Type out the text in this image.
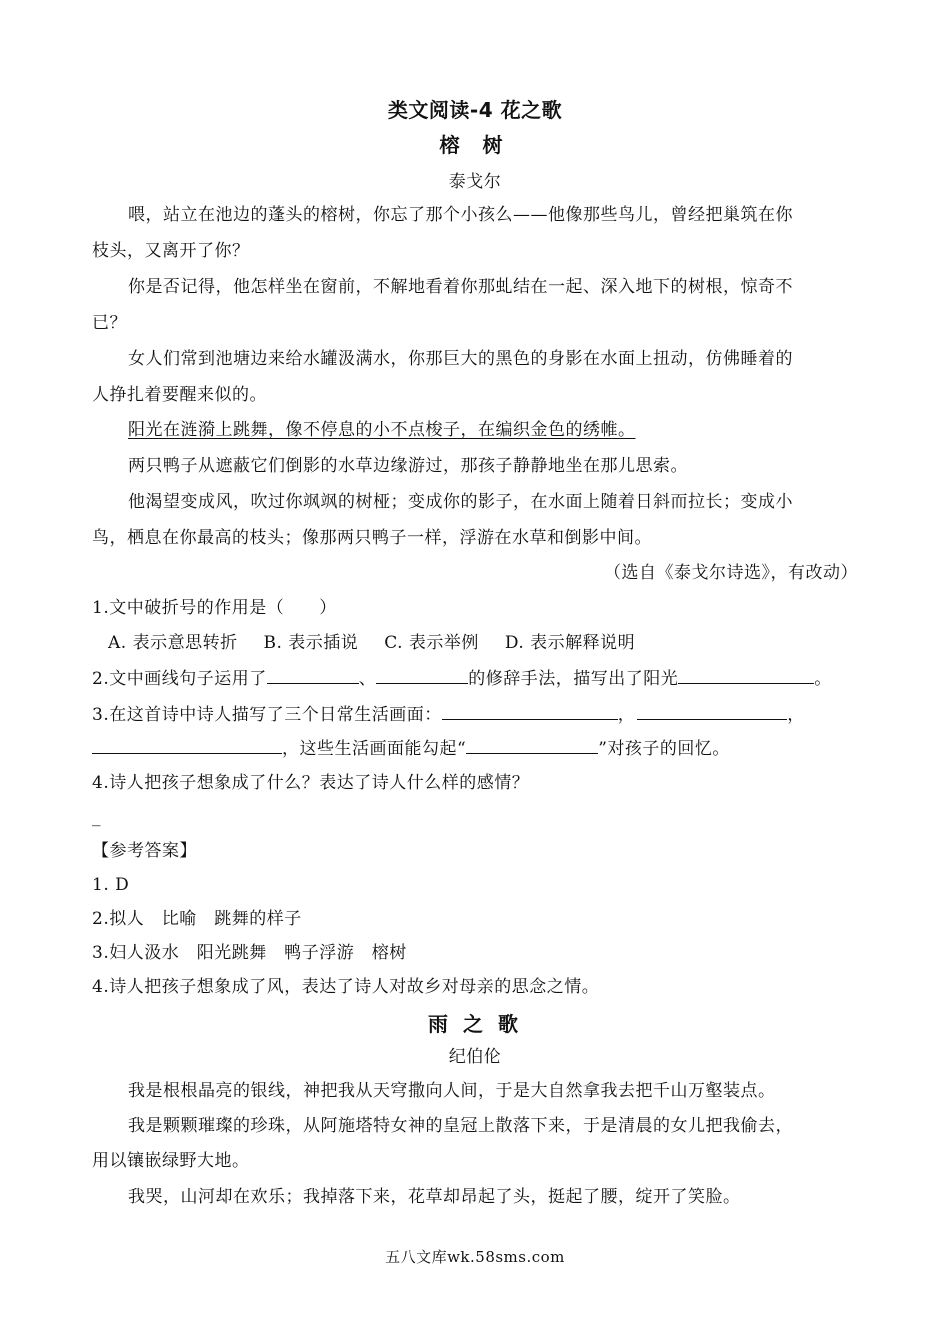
类文阅读-4 花之歌
榕 树
泰戈尔
喂，站立在池边的蓬头的榕树，你忘了那个小孩么——他像那些鸟儿，曾经把巢筑在你
枝头，又离开了你？
你是否记得，他怎样坐在窗前，不解地看着你那虬结在一起、深入地下的树根，惊奇不
已？
女人们常到池塘边来给水罐汲满水，你那巨大的黑色的身影在水面上扭动，仿佛睡着的
人挣扎着要醒来似的。
阳光在涟漪上跳舞，像不停息的小不点梭子，在编织金色的绣帷。
两只鸭子从遮蔽它们倒影的水草边缘游过，那孩子静静地坐在那儿思索。
他渴望变成风，吹过你飒飒的树桠；变成你的影子，在水面上随着日斜而拉长；变成小
鸟，栖息在你最高的枝头；像那两只鸭子一样，浮游在水草和倒影中间。
（选自《泰戈尔诗选》，有改动）
1.文中破折号的作用是（　　）
A. 表示意思转折 B. 表示插说 C. 表示举例 D. 表示解释说明
2.文中画线句子运用了	、	的修辞手法，描写出了阳光	。
3.在这首诗中诗人描写了三个日常生活画面：	，	，
，这些生活画面能勾起“	”对孩子的回忆。
4.诗人把孩子想象成了什么？表达了诗人什么样的感情？
_
【参考答案】
1. D
2.拟人　比喻　跳舞的样子
3.妇人汲水　阳光跳舞　鸭子浮游　榕树
4.诗人把孩子想象成了风，表达了诗人对故乡对母亲的思念之情。
雨 之 歌
纪伯伦
我是根根晶亮的银线，神把我从天穹撒向人间，于是大自然拿我去把千山万壑装点。
我是颗颗璀璨的珍珠，从阿施塔特女神的皇冠上散落下来，于是清晨的女儿把我偷去，
用以镶嵌绿野大地。
我哭，山河却在欢乐；我掉落下来，花草却昂起了头，挺起了腰，绽开了笑脸。
五八文库wk.58sms.com
